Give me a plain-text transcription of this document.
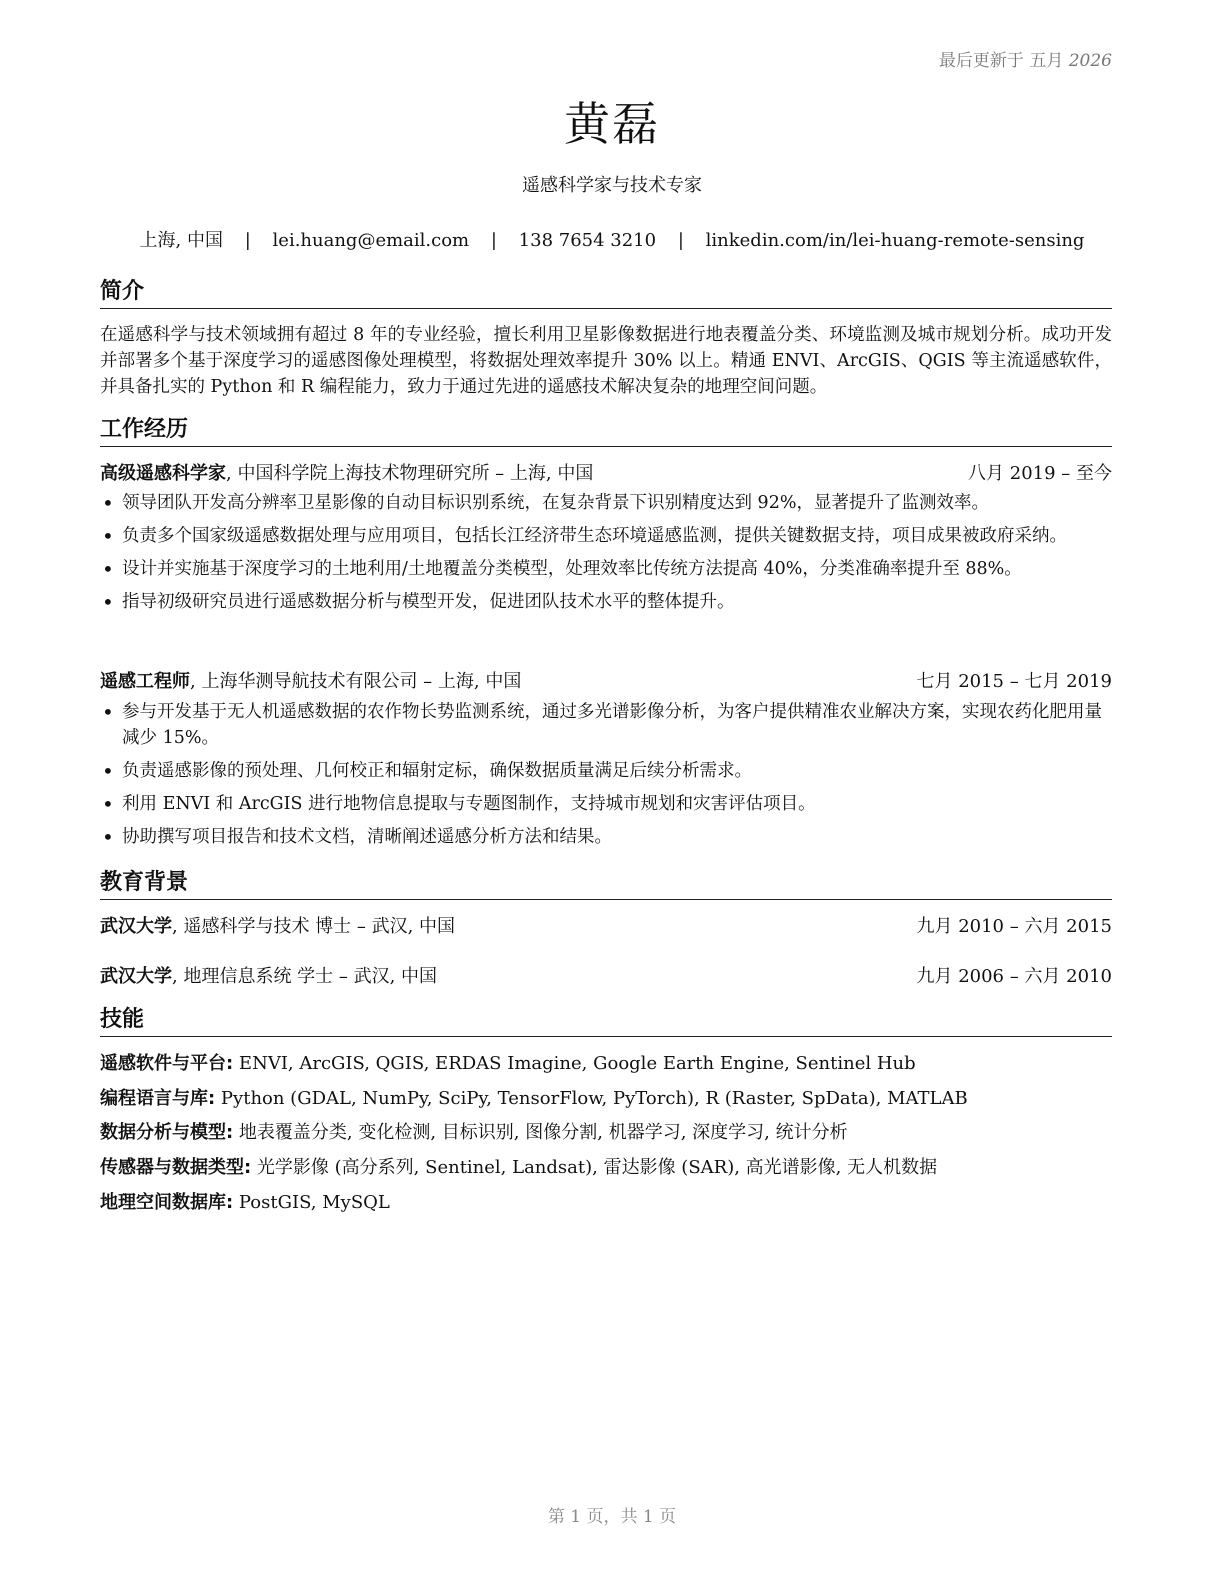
最后更新于 五月 2026
黄磊
遥感科学家与技术专家
上海, 中国 | lei.huang@email.com | 138 7654 3210 | linkedin.com/in/lei-huang-remote-sensing
简介
在遥感科学与技术领域拥有超过 8 年的专业经验，擅长利用卫星影像数据进行地表覆盖分类、环境监测及城市规划分析。成功开发并部署多个基于深度学习的遥感图像处理模型，将数据处理效率提升 30% 以上。精通 ENVI、ArcGIS、QGIS 等主流遥感软件，并具备扎实的 Python 和 R 编程能力，致力于通过先进的遥感技术解决复杂的地理空间问题。
工作经历
高级遥感科学家, 中国科学院上海技术物理研究所 – 上海, 中国	八月 2019 – 至今
• 领导团队开发高分辨率卫星影像的自动目标识别系统，在复杂背景下识别精度达到 92%，显著提升了监测效率。
• 负责多个国家级遥感数据处理与应用项目，包括长江经济带生态环境遥感监测，提供关键数据支持，项目成果被政府采纳。
• 设计并实施基于深度学习的土地利用/土地覆盖分类模型，处理效率比传统方法提高 40%，分类准确率提升至 88%。
• 指导初级研究员进行遥感数据分析与模型开发，促进团队技术水平的整体提升。
遥感工程师, 上海华测导航技术有限公司 – 上海, 中国	七月 2015 – 七月 2019
• 参与开发基于无人机遥感数据的农作物长势监测系统，通过多光谱影像分析，为客户提供精准农业解决方案，实现农药化肥用量减少 15%。
• 负责遥感影像的预处理、几何校正和辐射定标，确保数据质量满足后续分析需求。
• 利用 ENVI 和 ArcGIS 进行地物信息提取与专题图制作，支持城市规划和灾害评估项目。
• 协助撰写项目报告和技术文档，清晰阐述遥感分析方法和结果。
教育背景
武汉大学, 遥感科学与技术 博士 – 武汉, 中国	九月 2010 – 六月 2015
武汉大学, 地理信息系统 学士 – 武汉, 中国	九月 2006 – 六月 2010
技能
遥感软件与平台: ENVI, ArcGIS, QGIS, ERDAS Imagine, Google Earth Engine, Sentinel Hub
编程语言与库: Python (GDAL, NumPy, SciPy, TensorFlow, PyTorch), R (Raster, SpData), MATLAB
数据分析与模型: 地表覆盖分类, 变化检测, 目标识别, 图像分割, 机器学习, 深度学习, 统计分析
传感器与数据类型: 光学影像 (高分系列, Sentinel, Landsat), 雷达影像 (SAR), 高光谱影像, 无人机数据
地理空间数据库: PostGIS, MySQL
第 1 页，共 1 页
